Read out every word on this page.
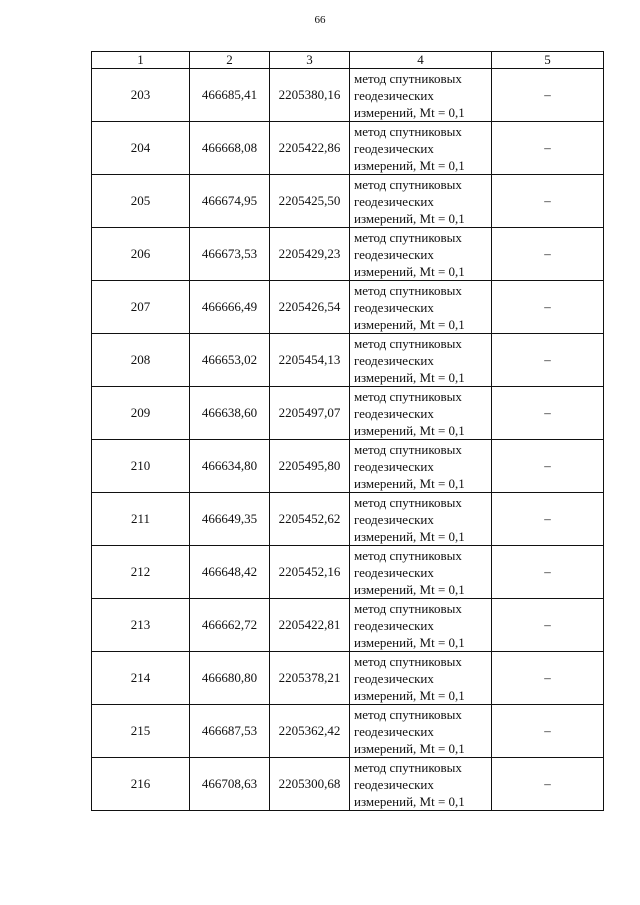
66
1	2	3	4	5
203	466685,41	2205380,16	метод спутниковых
геодезических
измерений, Mt = 0,1	–
204	466668,08	2205422,86	метод спутниковых
геодезических
измерений, Mt = 0,1	–
205	466674,95	2205425,50	метод спутниковых
геодезических
измерений, Mt = 0,1	–
206	466673,53	2205429,23	метод спутниковых
геодезических
измерений, Mt = 0,1	–
207	466666,49	2205426,54	метод спутниковых
геодезических
измерений, Mt = 0,1	–
208	466653,02	2205454,13	метод спутниковых
геодезических
измерений, Mt = 0,1	–
209	466638,60	2205497,07	метод спутниковых
геодезических
измерений, Mt = 0,1	–
210	466634,80	2205495,80	метод спутниковых
геодезических
измерений, Mt = 0,1	–
211	466649,35	2205452,62	метод спутниковых
геодезических
измерений, Mt = 0,1	–
212	466648,42	2205452,16	метод спутниковых
геодезических
измерений, Mt = 0,1	–
213	466662,72	2205422,81	метод спутниковых
геодезических
измерений, Mt = 0,1	–
214	466680,80	2205378,21	метод спутниковых
геодезических
измерений, Mt = 0,1	–
215	466687,53	2205362,42	метод спутниковых
геодезических
измерений, Mt = 0,1	–
216	466708,63	2205300,68	метод спутниковых
геодезических
измерений, Mt = 0,1	–
